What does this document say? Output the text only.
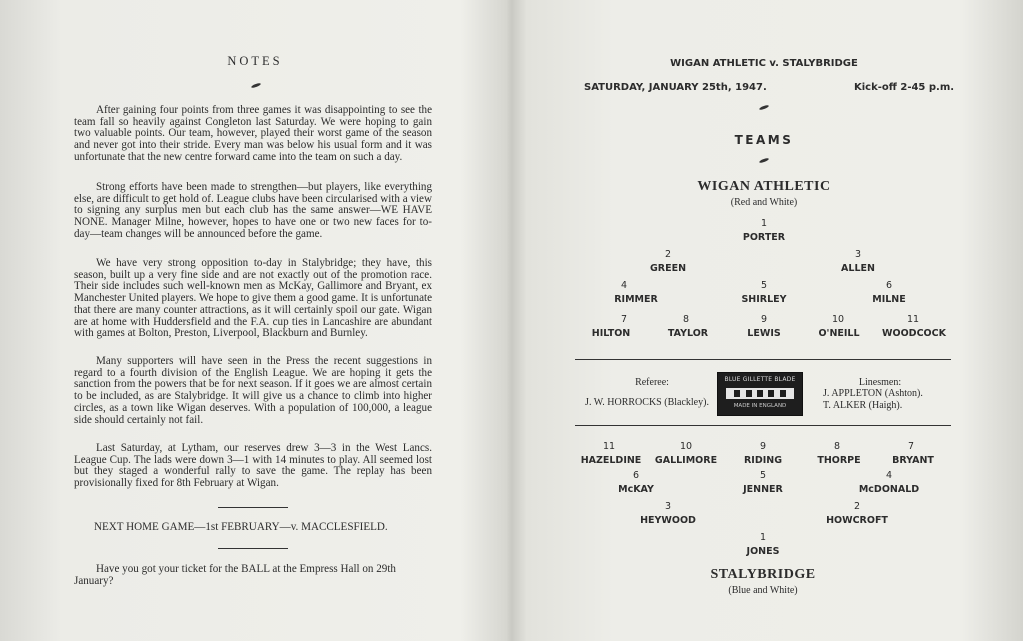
NOTES

After gaining four points from three games it was disappointing to see the team fall so heavily against Congleton last Saturday. We were hoping to gain two valuable points. Our team, however, played their worst game of the season and never got into their stride. Every man was below his usual form and it was unfortunate that the new centre forward came into the team on such a day.

Strong efforts have been made to strengthen—but players, like everything else, are difficult to get hold of. League clubs have been circularised with a view to signing any surplus men but each club has the same answer—WE HAVE NONE. Manager Milne, however, hopes to have one or two new faces for to-day—team changes will be announced before the game.

We have very strong opposition to-day in Stalybridge; they have, this season, built up a very fine side and are not exactly out of the promotion race. Their side includes such well-known men as McKay, Gallimore and Bryant, ex Manchester United players. We hope to give them a good game. It is unfortunate that there are many counter attractions, as it will certainly spoil our gate. Wigan are at home with Huddersfield and the F.A. cup ties in Lancashire are abundant with games at Bolton, Preston, Liverpool, Blackburn and Burnley.

Many supporters will have seen in the Press the recent suggestions in regard to a fourth division of the English League. We are hoping it gets the sanction from the powers that be for next season. If it goes we are almost certain to be included, as are Stalybridge. It will give us a chance to climb into higher circles, as a town like Wigan deserves. With a population of 100,000, a league side should certainly not fail.

Last Saturday, at Lytham, our reserves drew 3—3 in the West Lancs. League Cup. The lads were down 3—1 with 14 minutes to play. All seemed lost but they staged a wonderful rally to save the game. The replay has been provisionally fixed for 8th February at Wigan.

NEXT HOME GAME—1st FEBRUARY—v. MACCLESFIELD.

Have you got your ticket for the BALL at the Empress Hall on 29th January?

WIGAN ATHLETIC v. STALYBRIDGE
SATURDAY, JANUARY 25th, 1947.	Kick-off 2-45 p.m.
TEAMS
WIGAN ATHLETIC
(Red and White)
1
PORTER
2
GREEN
3
ALLEN
4
RIMMER
5
SHIRLEY
6
MILNE
7
HILTON
8
TAYLOR
9
LEWIS
10
O'NEILL
11
WOODCOCK
Referee:
J. W. HORROCKS (Blackley).
BLUE GILLETTE BLADE
MADE IN ENGLAND
Linesmen:
J. APPLETON (Ashton).
T. ALKER (Haigh).
11
HAZELDINE
10
GALLIMORE
9
RIDING
8
THORPE
7
BRYANT
6
McKAY
5
JENNER
4
McDONALD
3
HEYWOOD
2
HOWCROFT
1
JONES
STALYBRIDGE
(Blue and White)
